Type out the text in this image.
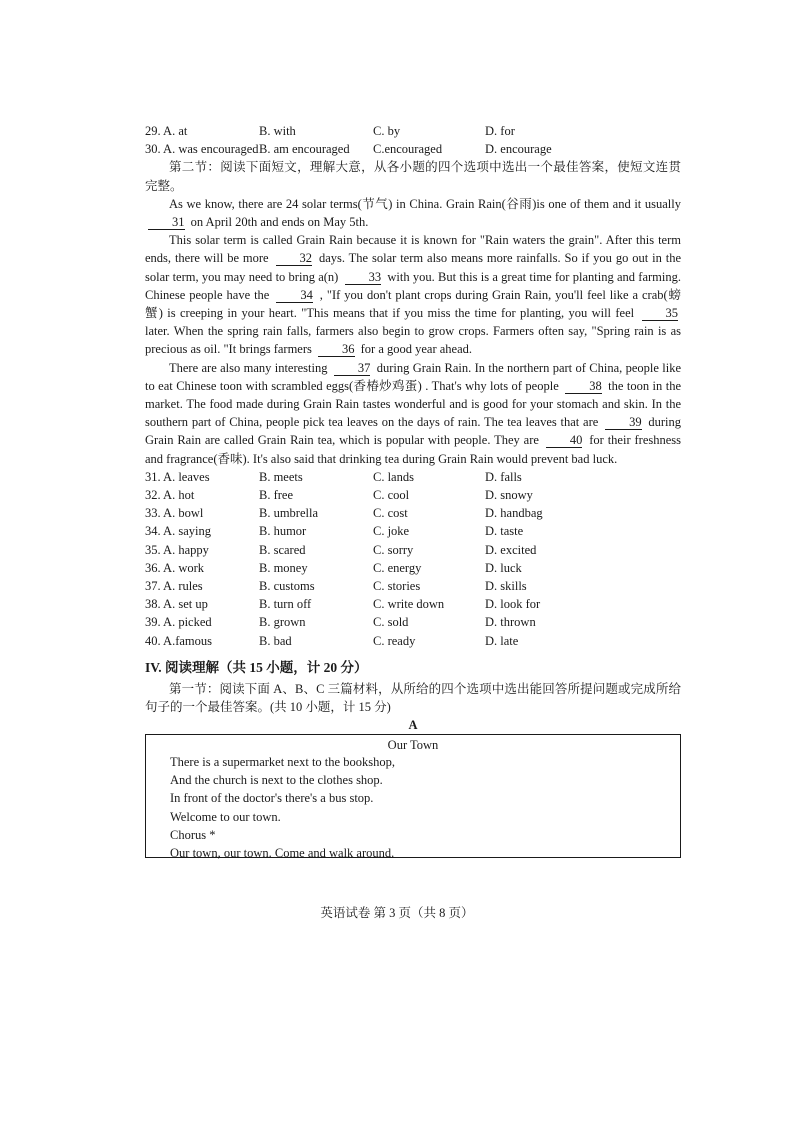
29. A. at	B. with	C. by	D. for
30. A. was encouraged B. am encouraged	C.encouraged	D. encourage

第二节：阅读下面短文，理解大意，从各小题的四个选项中选出一个最佳答案，使短文连贯完整。

As we know, there are 24 solar terms(节气) in China. Grain Rain(谷雨)is one of them and it usually 31 on April 20th and ends on May 5th.

This solar term is called Grain Rain because it is known for "Rain waters the grain". After this term ends, there will be more 32 days. The solar term also means more rainfalls. So if you go out in the solar term, you may need to bring a(n) 33 with you. But this is a great time for planting and farming. Chinese people have the 34 , "If you don't plant crops during Grain Rain, you'll feel like a crab(螃蟹) is creeping in your heart. "This means that if you miss the time for planting, you will feel	35 later. When the spring rain falls, farmers also begin to grow crops. Farmers often say, "Spring rain is as precious as oil. "It brings farmers 36 for a good year ahead.

There are also many interesting 37 during Grain Rain. In the northern part of China, people like to eat Chinese toon with scrambled eggs(香椿炒鸡蛋) . That's why lots of people 38 the toon in the market. The food made during Grain Rain tastes wonderful and is good for your stomach and skin. In the southern part of China, people pick tea leaves on the days of rain. The tea leaves that are 39 during Grain Rain are called Grain Rain tea, which is popular with people. They are 40 for their freshness and fragrance(香味). It's also said that drinking tea during Grain Rain would prevent bad luck.

31. A. leaves	B. meets	C. lands	D. falls
32. A. hot	B. free	C. cool	D. snowy
33. A. bowl	B. umbrella	C. cost	D. handbag
34. A. saying	B. humor	C. joke	D. taste
35. A. happy	B. scared	C. sorry	D. excited
36. A. work	B. money	C. energy	D. luck
37. A. rules	B. customs	C. stories	D. skills
38. A. set up	B. turn off	C. write down	D. look for
39. A. picked	B. grown	C. sold	D. thrown
40. A.famous	B. bad	C. ready	D. late
IV. 阅读理解（共 15 小题，计 20 分）

第一节：阅读下面 A、B、C 三篇材料，从所给的四个选项中选出能回答所提问题或完成所给句子的一个最佳答案。(共 10 小题，计 15 分)

A
Our Town
There is a supermarket next to the bookshop,
And the church is next to the clothes shop.
In front of the doctor's there's a bus stop.
Welcome to our town.
Chorus *
Our town, our town. Come and walk around.
英语试卷 第 3 页（共 8 页）
